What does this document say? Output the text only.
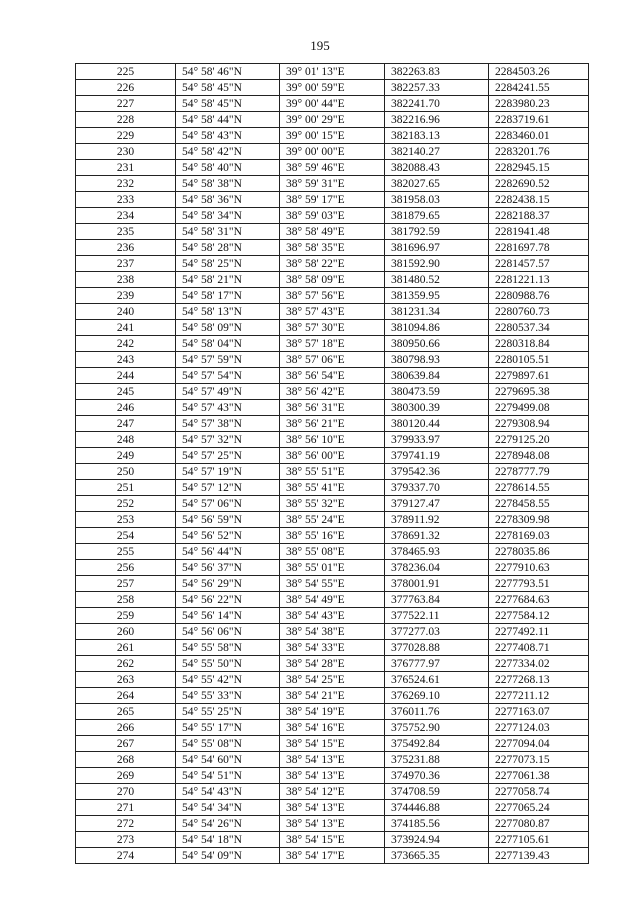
195
225	54° 58' 46"N	39° 01' 13"E	382263.83	2284503.26
226	54° 58' 45"N	39° 00' 59"E	382257.33	2284241.55
227	54° 58' 45"N	39° 00' 44"E	382241.70	2283980.23
228	54° 58' 44"N	39° 00' 29"E	382216.96	2283719.61
229	54° 58' 43"N	39° 00' 15"E	382183.13	2283460.01
230	54° 58' 42"N	39° 00' 00"E	382140.27	2283201.76
231	54° 58' 40"N	38° 59' 46"E	382088.43	2282945.15
232	54° 58' 38"N	38° 59' 31"E	382027.65	2282690.52
233	54° 58' 36"N	38° 59' 17"E	381958.03	2282438.15
234	54° 58' 34"N	38° 59' 03"E	381879.65	2282188.37
235	54° 58' 31"N	38° 58' 49"E	381792.59	2281941.48
236	54° 58' 28"N	38° 58' 35"E	381696.97	2281697.78
237	54° 58' 25"N	38° 58' 22"E	381592.90	2281457.57
238	54° 58' 21"N	38° 58' 09"E	381480.52	2281221.13
239	54° 58' 17"N	38° 57' 56"E	381359.95	2280988.76
240	54° 58' 13"N	38° 57' 43"E	381231.34	2280760.73
241	54° 58' 09"N	38° 57' 30"E	381094.86	2280537.34
242	54° 58' 04"N	38° 57' 18"E	380950.66	2280318.84
243	54° 57' 59"N	38° 57' 06"E	380798.93	2280105.51
244	54° 57' 54"N	38° 56' 54"E	380639.84	2279897.61
245	54° 57' 49"N	38° 56' 42"E	380473.59	2279695.38
246	54° 57' 43"N	38° 56' 31"E	380300.39	2279499.08
247	54° 57' 38"N	38° 56' 21"E	380120.44	2279308.94
248	54° 57' 32"N	38° 56' 10"E	379933.97	2279125.20
249	54° 57' 25"N	38° 56' 00"E	379741.19	2278948.08
250	54° 57' 19"N	38° 55' 51"E	379542.36	2278777.79
251	54° 57' 12"N	38° 55' 41"E	379337.70	2278614.55
252	54° 57' 06"N	38° 55' 32"E	379127.47	2278458.55
253	54° 56' 59"N	38° 55' 24"E	378911.92	2278309.98
254	54° 56' 52"N	38° 55' 16"E	378691.32	2278169.03
255	54° 56' 44"N	38° 55' 08"E	378465.93	2278035.86
256	54° 56' 37"N	38° 55' 01"E	378236.04	2277910.63
257	54° 56' 29"N	38° 54' 55"E	378001.91	2277793.51
258	54° 56' 22"N	38° 54' 49"E	377763.84	2277684.63
259	54° 56' 14"N	38° 54' 43"E	377522.11	2277584.12
260	54° 56' 06"N	38° 54' 38"E	377277.03	2277492.11
261	54° 55' 58"N	38° 54' 33"E	377028.88	2277408.71
262	54° 55' 50"N	38° 54' 28"E	376777.97	2277334.02
263	54° 55' 42"N	38° 54' 25"E	376524.61	2277268.13
264	54° 55' 33"N	38° 54' 21"E	376269.10	2277211.12
265	54° 55' 25"N	38° 54' 19"E	376011.76	2277163.07
266	54° 55' 17"N	38° 54' 16"E	375752.90	2277124.03
267	54° 55' 08"N	38° 54' 15"E	375492.84	2277094.04
268	54° 54' 60"N	38° 54' 13"E	375231.88	2277073.15
269	54° 54' 51"N	38° 54' 13"E	374970.36	2277061.38
270	54° 54' 43"N	38° 54' 12"E	374708.59	2277058.74
271	54° 54' 34"N	38° 54' 13"E	374446.88	2277065.24
272	54° 54' 26"N	38° 54' 13"E	374185.56	2277080.87
273	54° 54' 18"N	38° 54' 15"E	373924.94	2277105.61
274	54° 54' 09"N	38° 54' 17"E	373665.35	2277139.43
